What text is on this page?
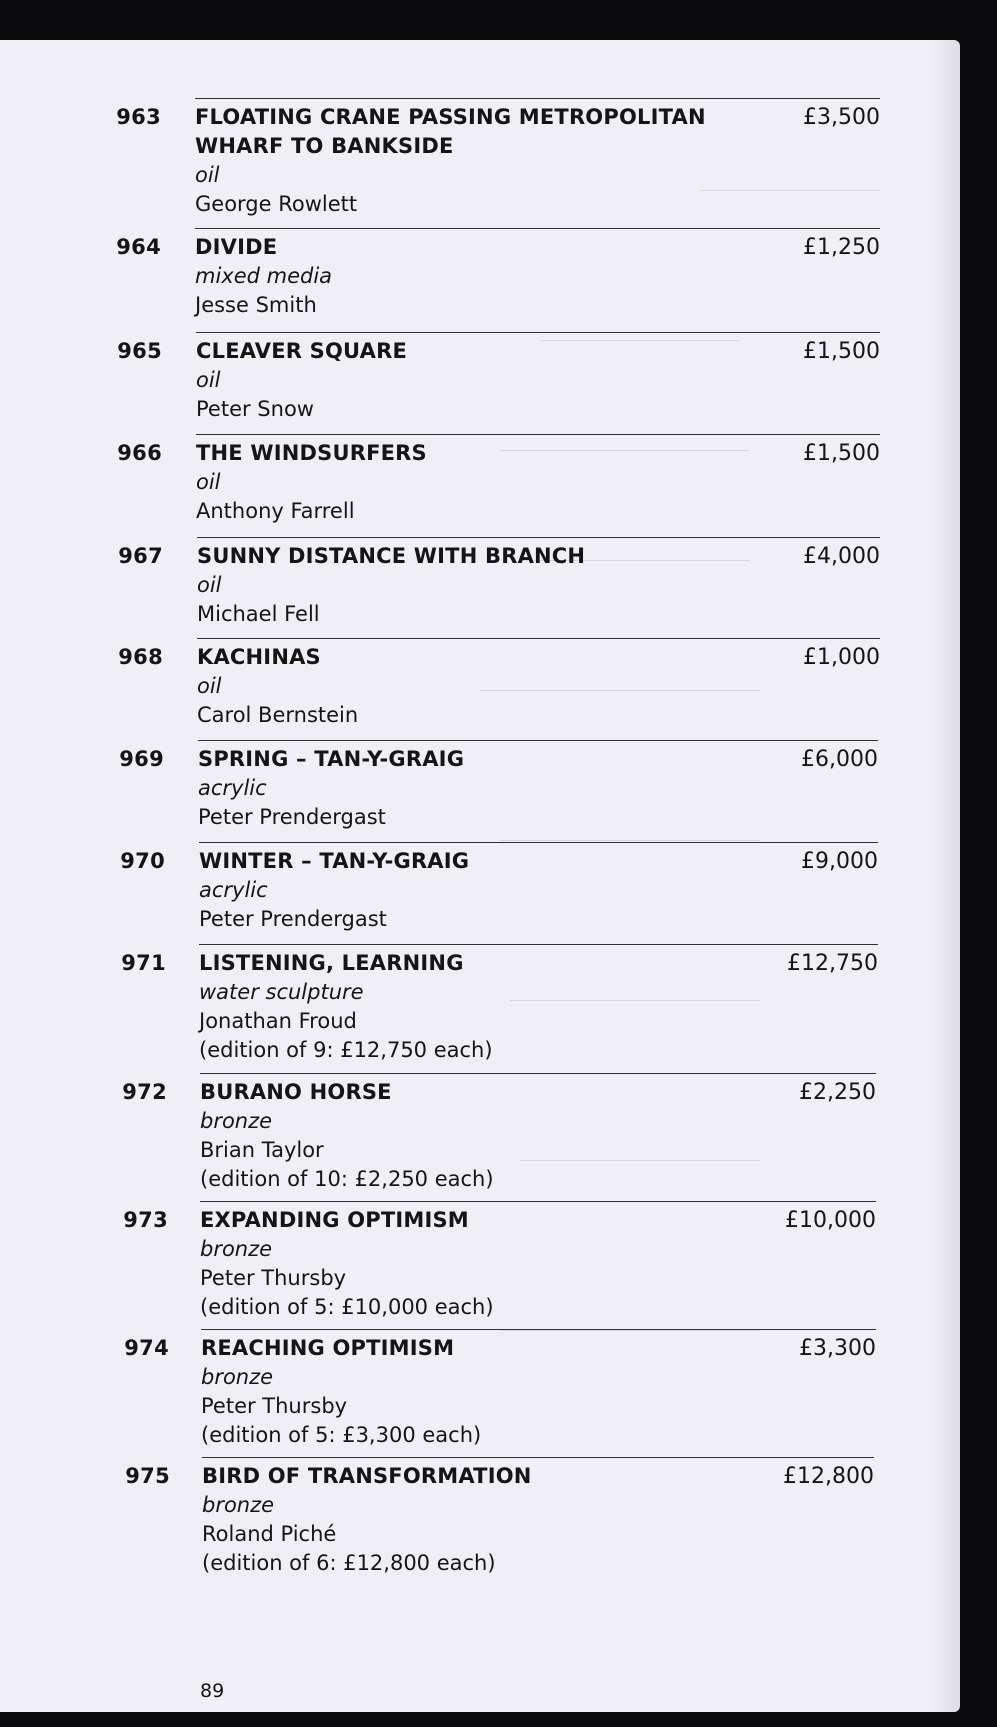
963 FLOATING CRANE PASSING METROPOLITAN
WHARF TO BANKSIDE
oil
George Rowlett
£3,500
964 DIVIDE
mixed media
Jesse Smith
£1,250
965 CLEAVER SQUARE
oil
Peter Snow
£1,500
966 THE WINDSURFERS
oil
Anthony Farrell
£1,500
967 SUNNY DISTANCE WITH BRANCH
oil
Michael Fell
£4,000
968 KACHINAS
oil
Carol Bernstein
£1,000
969 SPRING – TAN-Y-GRAIG
acrylic
Peter Prendergast
£6,000
970 WINTER – TAN-Y-GRAIG
acrylic
Peter Prendergast
£9,000
971 LISTENING, LEARNING
water sculpture
Jonathan Froud
(edition of 9: £12,750 each)
£12,750
972 BURANO HORSE
bronze
Brian Taylor
(edition of 10: £2,250 each)
£2,250
973 EXPANDING OPTIMISM
bronze
Peter Thursby
(edition of 5: £10,000 each)
£10,000
974 REACHING OPTIMISM
bronze
Peter Thursby
(edition of 5: £3,300 each)
£3,300
975 BIRD OF TRANSFORMATION
bronze
Roland Piché
(edition of 6: £12,800 each)
£12,800
89
